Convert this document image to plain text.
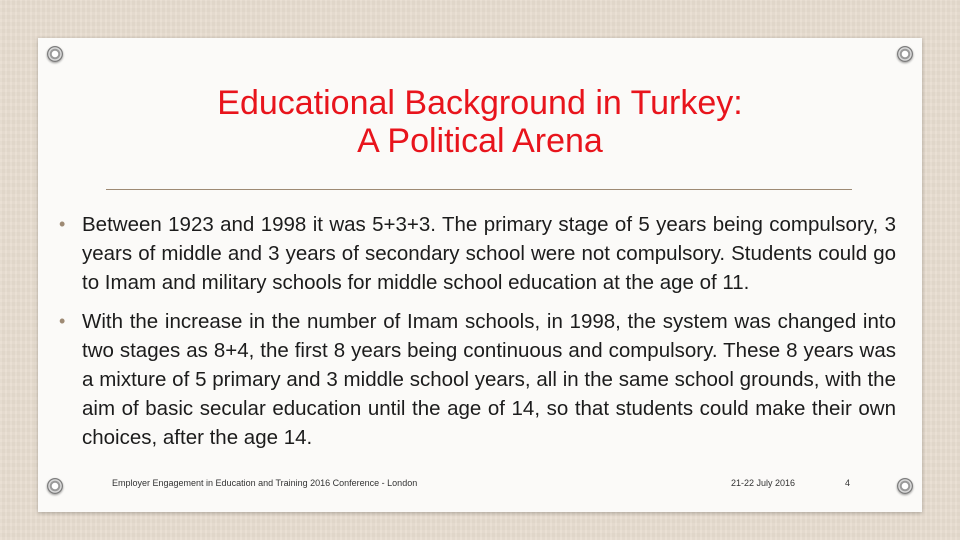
Educational Background in Turkey:
A Political Arena
• Between 1923 and 1998 it was 5+3+3. The primary stage of 5 years being compulsory, 3 years of middle and 3 years of secondary school were not compulsory. Students could go to Imam and military schools for middle school education at the age of 11.
• With the increase in the number of Imam schools, in 1998, the system was changed into two stages as 8+4, the first 8 years being continuous and compulsory. These 8 years was a mixture of 5 primary and 3 middle school years, all in the same school grounds, with the aim of basic secular education until the age of 14, so that students could make their own choices, after the age 14.
Employer Engagement in Education and Training 2016 Conference - London	21-22 July 2016	4
